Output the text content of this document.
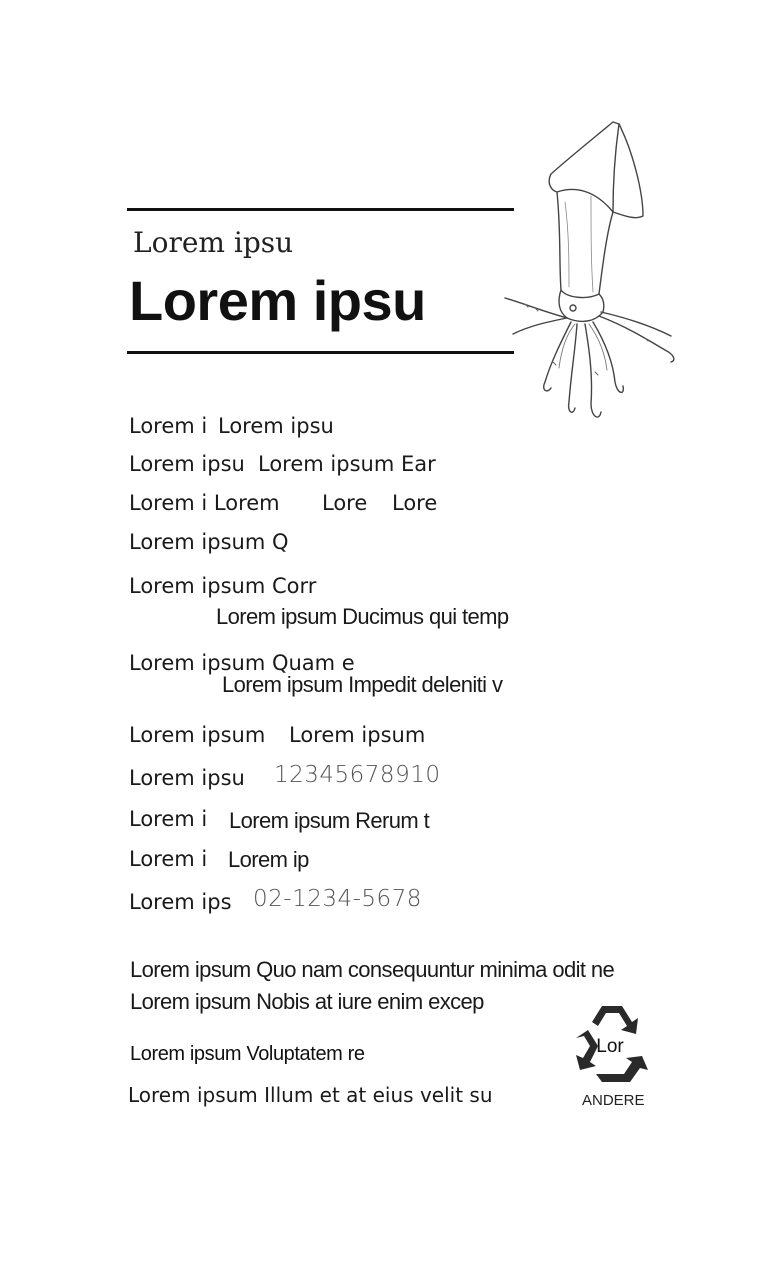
Lorem ipsu
Lorem ipsu
Lorem i Lorem ipsu
Lorem ipsu Lorem ipsum Ear
Lorem i Lorem Lore Lore
Lorem ipsum Q
Lorem ipsum Corr
Lorem ipsum Ducimus qui temp
Lorem ipsum Quam e
Lorem ipsum Impedit deleniti v
Lorem ipsum Lorem ipsum
Lorem ipsu 12345678910
Lorem i Lorem ipsum Rerum t
Lorem i Lorem ip
Lorem ips 02-1234-5678
Lorem ipsum Quo nam consequuntur minima odit ne
Lorem ipsum Nobis at iure enim excep
Lorem ipsum Voluptatem re
Lorem ipsum Illum et at eius velit su
Lor
ANDERE
